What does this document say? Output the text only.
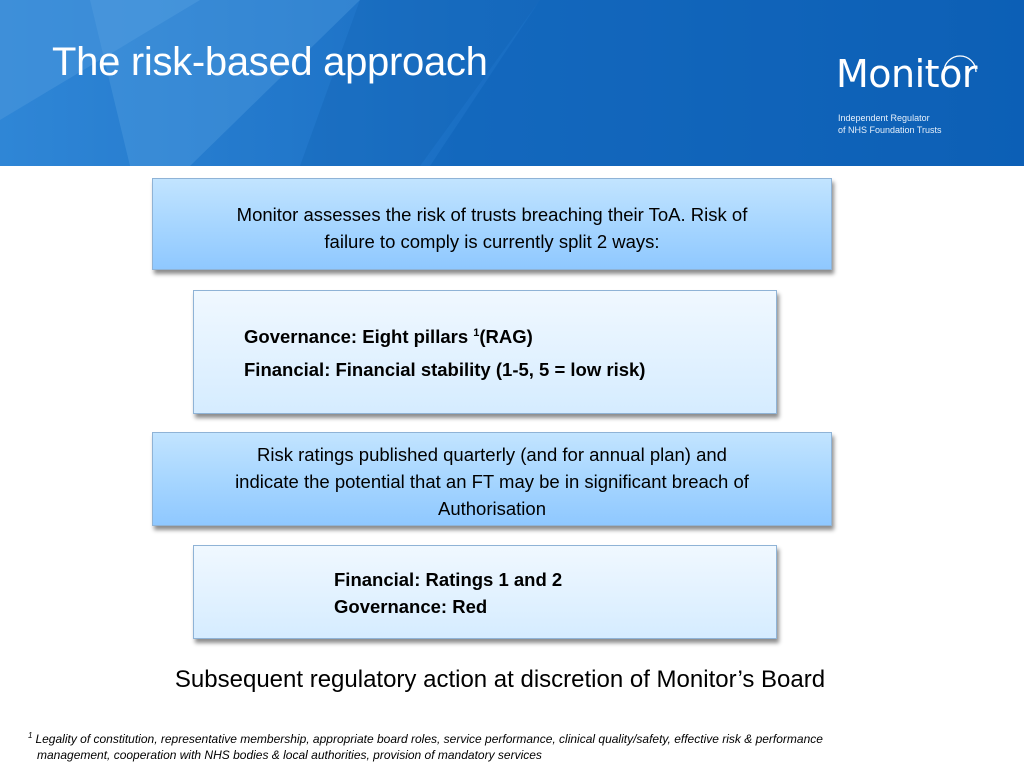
The risk-based approach	Monitor
Independent Regulator
of NHS Foundation Trusts
Monitor assesses the risk of trusts breaching their ToA. Risk of
failure to comply is currently split 2 ways:
Governance: Eight pillars $^1$(RAG)
Financial: Financial stability (1-5, 5 = low risk)
Risk ratings published quarterly (and for annual plan) and
indicate the potential that an FT may be in significant breach of
Authorisation
Financial: Ratings 1 and 2
Governance: Red
Subsequent regulatory action at discretion of Monitor’s Board
$^1$ Legality of constitution, representative membership, appropriate board roles, service performance, clinical quality/safety, effective risk & performance
management, cooperation with NHS bodies & local authorities, provision of mandatory services
